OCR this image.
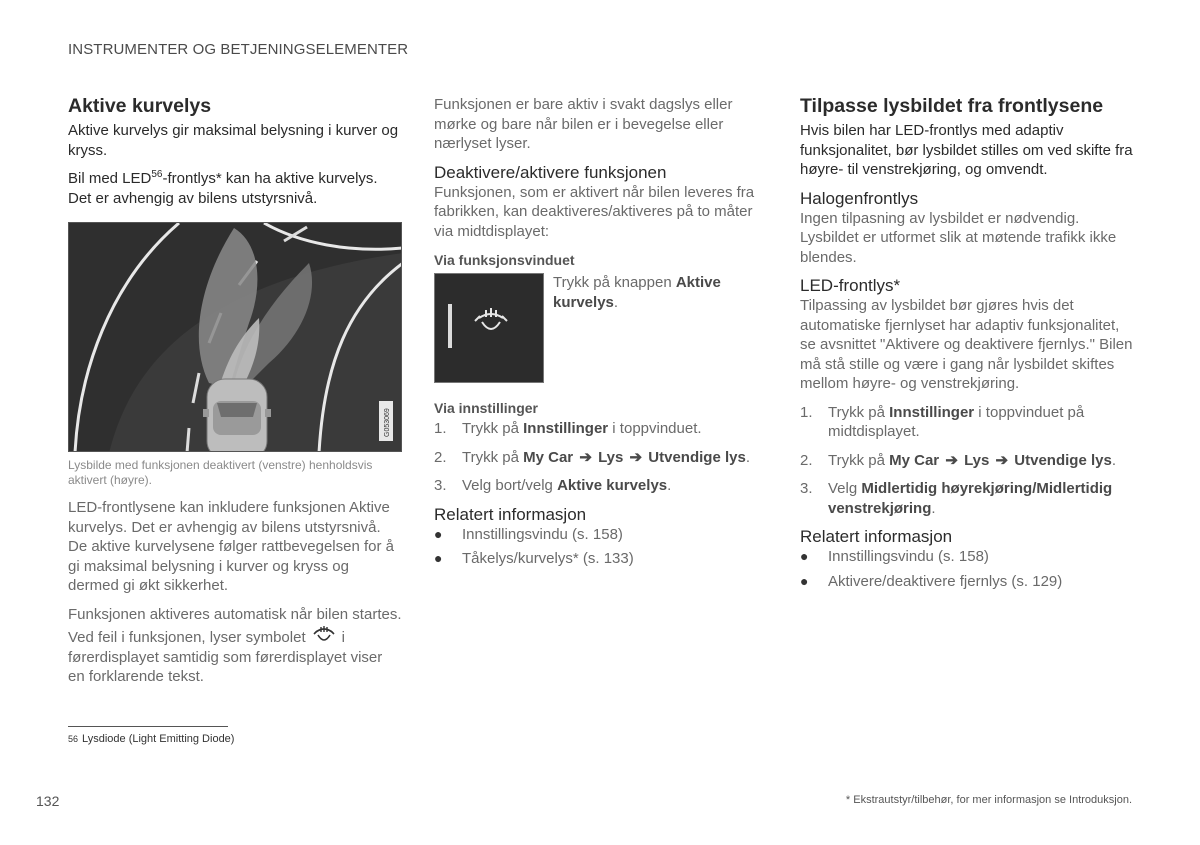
INSTRUMENTER OG BETJENINGSELEMENTER
Aktive kurvelys

Aktive kurvelys gir maksimal belysning i kurver og kryss.

Bil med LED$^{56}$-frontlys* kan ha aktive kurvelys. Det er avhengig av bilens utstyrsnivå.

G053069
Lysbilde med funksjonen deaktivert (venstre) henholdsvis aktivert (høyre).

LED-frontlysene kan inkludere funksjonen Aktive kurvelys. Det er avhengig av bilens utstyrsnivå. De aktive kurvelysene følger rattbevegelsen for å gi maksimal belysning i kurver og kryss og dermed gi økt sikkerhet.

Funksjonen aktiveres automatisk når bilen startes. Ved feil i funksjonen, lyser symbolet i førerdisplayet samtidig som førerdisplayet viser en forklarende tekst.

Funksjonen er bare aktiv i svakt dagslys eller mørke og bare når bilen er i bevegelse eller nærlyset lyser.

Deaktivere/aktivere funksjonen

Funksjonen, som er aktivert når bilen leveres fra fabrikken, kan deaktiveres/aktiveres på to måter via midtdisplayet:

Via funksjonsvinduet
Trykk på knappen Aktive kurvelys.
Via innstillinger
1.	Trykk på Innstillinger i toppvinduet.
2.	Trykk på My Car ➔ Lys ➔ Utvendige lys.
3.	Velg bort/velg Aktive kurvelys.
Relatert informasjon
●	Innstillingsvindu (s. 158)
●	Tåkelys/kurvelys* (s. 133)
Tilpasse lysbildet fra frontlysene

Hvis bilen har LED-frontlys med adaptiv funksjonalitet, bør lysbildet stilles om ved skifte fra høyre- til venstrekjøring, og omvendt.

Halogenfrontlys

Ingen tilpasning av lysbildet er nødvendig. Lysbildet er utformet slik at møtende trafikk ikke blendes.

LED-frontlys*

Tilpassing av lysbildet bør gjøres hvis det automatiske fjernlyset har adaptiv funksjonalitet, se avsnittet "Aktivere og deaktivere fjernlys." Bilen må stå stille og være i gang når lysbildet skiftes mellom høyre- og venstrekjøring.

1.	Trykk på Innstillinger i toppvinduet på midtdisplayet.
2.	Trykk på My Car ➔ Lys ➔ Utvendige lys.
3.	Velg Midlertidig høyrekjøring/Midlertidig venstrekjøring.
Relatert informasjon
●	Innstillingsvindu (s. 158)
●	Aktivere/deaktivere fjernlys (s. 129)
56 Lysdiode (Light Emitting Diode)
132	* Ekstrautstyr/tilbehør, for mer informasjon se Introduksjon.
